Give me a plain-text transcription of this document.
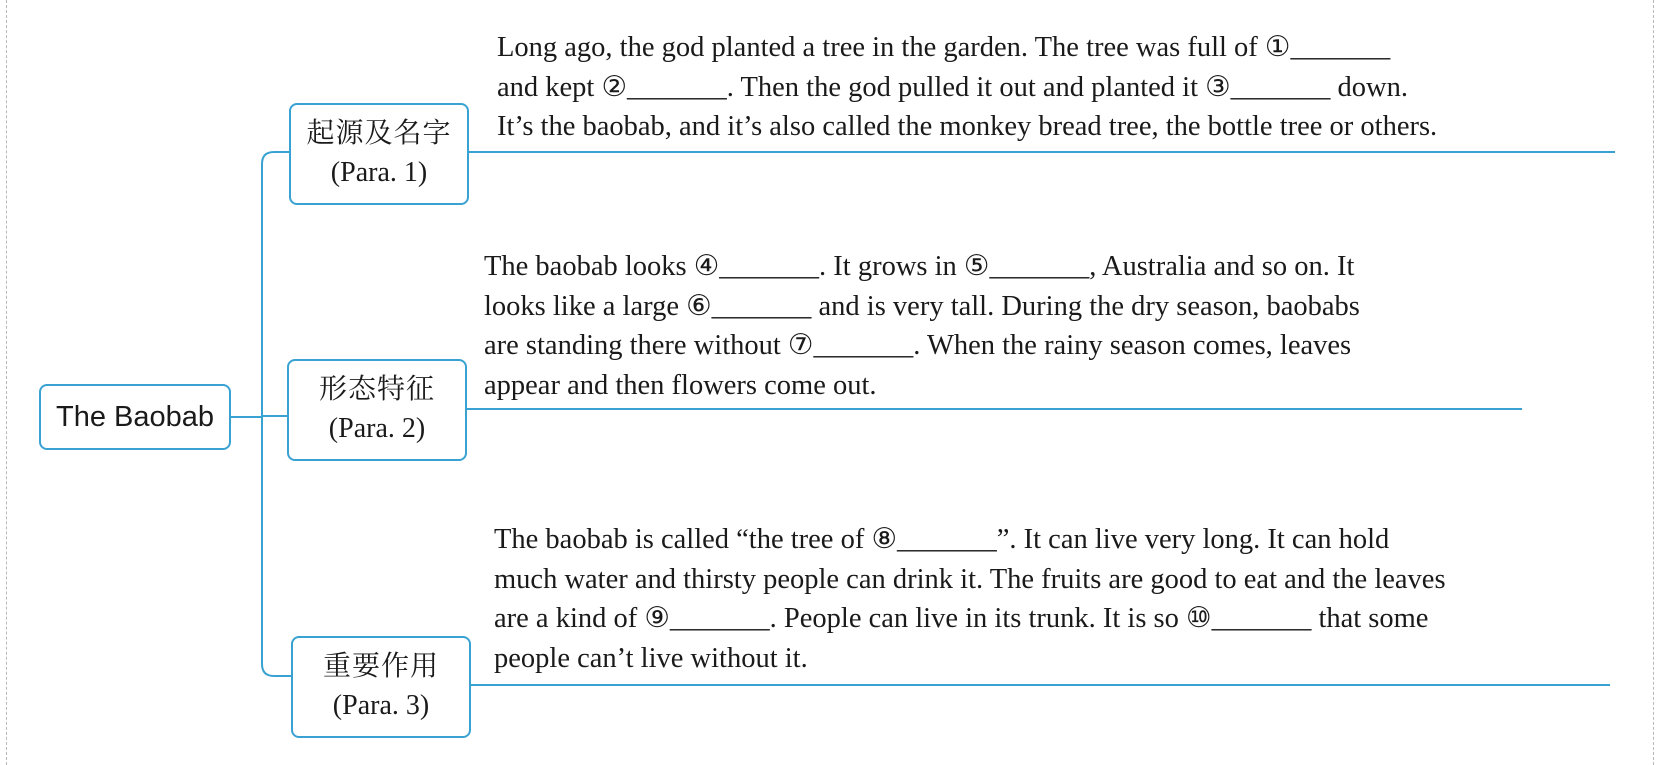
The Baobab
起源及名字
(Para. 1)
形态特征
(Para. 2)
重要作用
(Para. 3)
Long ago, the god planted a tree in the garden. The tree was full of ①_______
and kept ②_______. Then the god pulled it out and planted it ③_______ down.
It’s the baobab, and it’s also called the monkey bread tree, the bottle tree or others.
The baobab looks ④_______. It grows in ⑤_______, Australia and so on. It
looks like a large ⑥_______ and is very tall. During the dry season, baobabs
are standing there without ⑦_______. When the rainy season comes, leaves
appear and then flowers come out.
The baobab is called “the tree of ⑧_______”. It can live very long. It can hold
much water and thirsty people can drink it. The fruits are good to eat and the leaves
are a kind of ⑨_______. People can live in its trunk. It is so ⑩_______ that some
people can’t live without it.
